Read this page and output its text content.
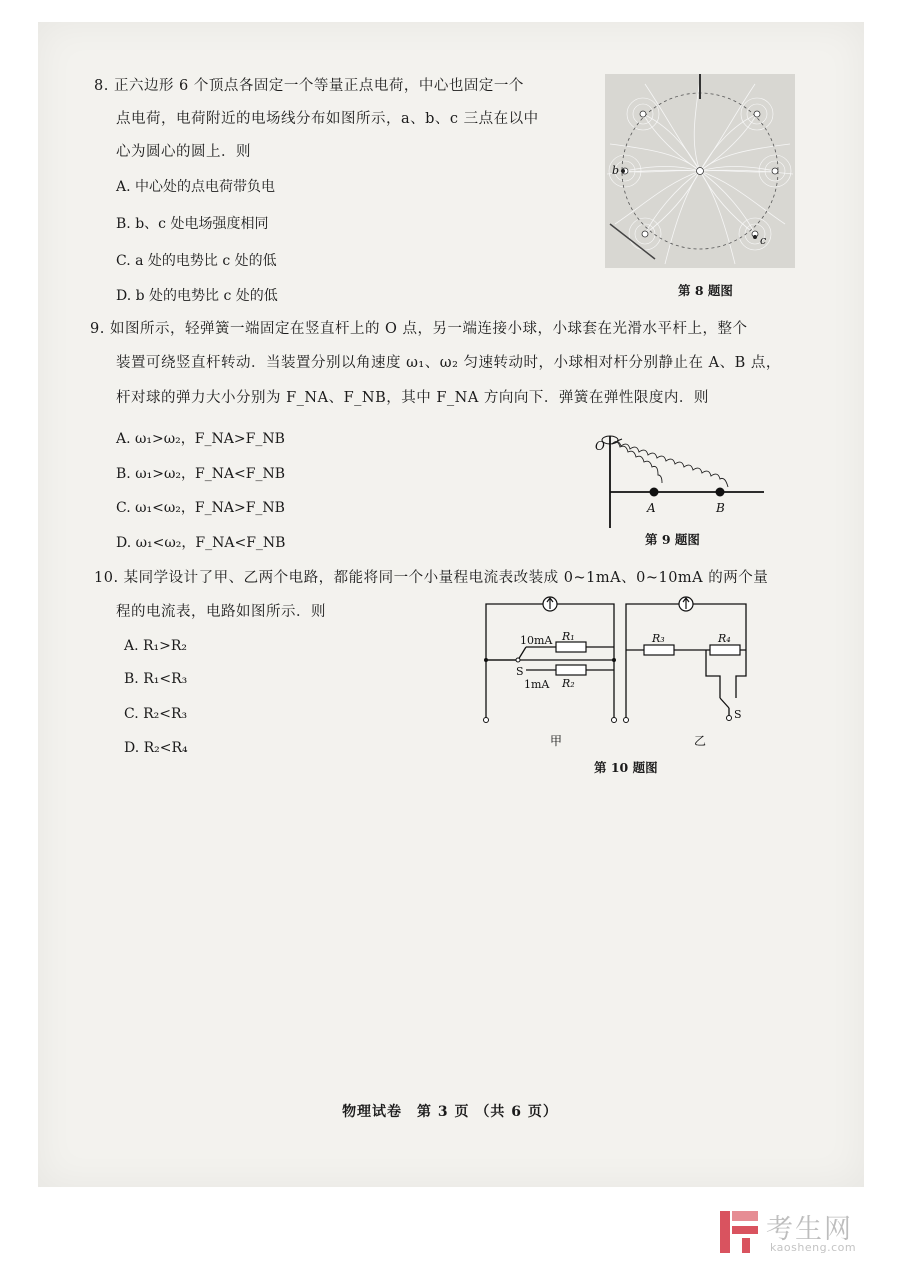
8. 正六边形 6 个顶点各固定一个等量正点电荷，中心也固定一个
点电荷，电荷附近的电场线分布如图所示，a、b、c 三点在以中
心为圆心的圆上．则
A. 中心处的点电荷带负电
B. b、c 处电场强度相同
C. a 处的电势比 c 处的低
D. b 处的电势比 c 处的低
b
c
第 8 题图
9. 如图所示，轻弹簧一端固定在竖直杆上的 O 点，另一端连接小球，小球套在光滑水平杆上，整个
装置可绕竖直杆转动．当装置分别以角速度 ω₁、ω₂ 匀速转动时，小球相对杆分别静止在 A、B 点，
杆对球的弹力大小分别为 F_NA、F_NB，其中 F_NA 方向向下．弹簧在弹性限度内．则
A. ω₁>ω₂，F_NA>F_NB
B. ω₁>ω₂，F_NA<F_NB
C. ω₁<ω₂，F_NA>F_NB
D. ω₁<ω₂，F_NA<F_NB
O
A	B
第 9 题图
10. 某同学设计了甲、乙两个电路，都能将同一个小量程电流表改装成 0~1mA、0~10mA 的两个量
程的电流表，电路如图所示．则
A. R₁>R₂
B. R₁<R₃
C. R₂<R₃
D. R₂<R₄
10mA R₁
S
1mA R₂
R₃	R₄
S
甲	乙
第 10 题图
物理试卷　第 3 页 （共 6 页）
考生网
kaosheng.com
